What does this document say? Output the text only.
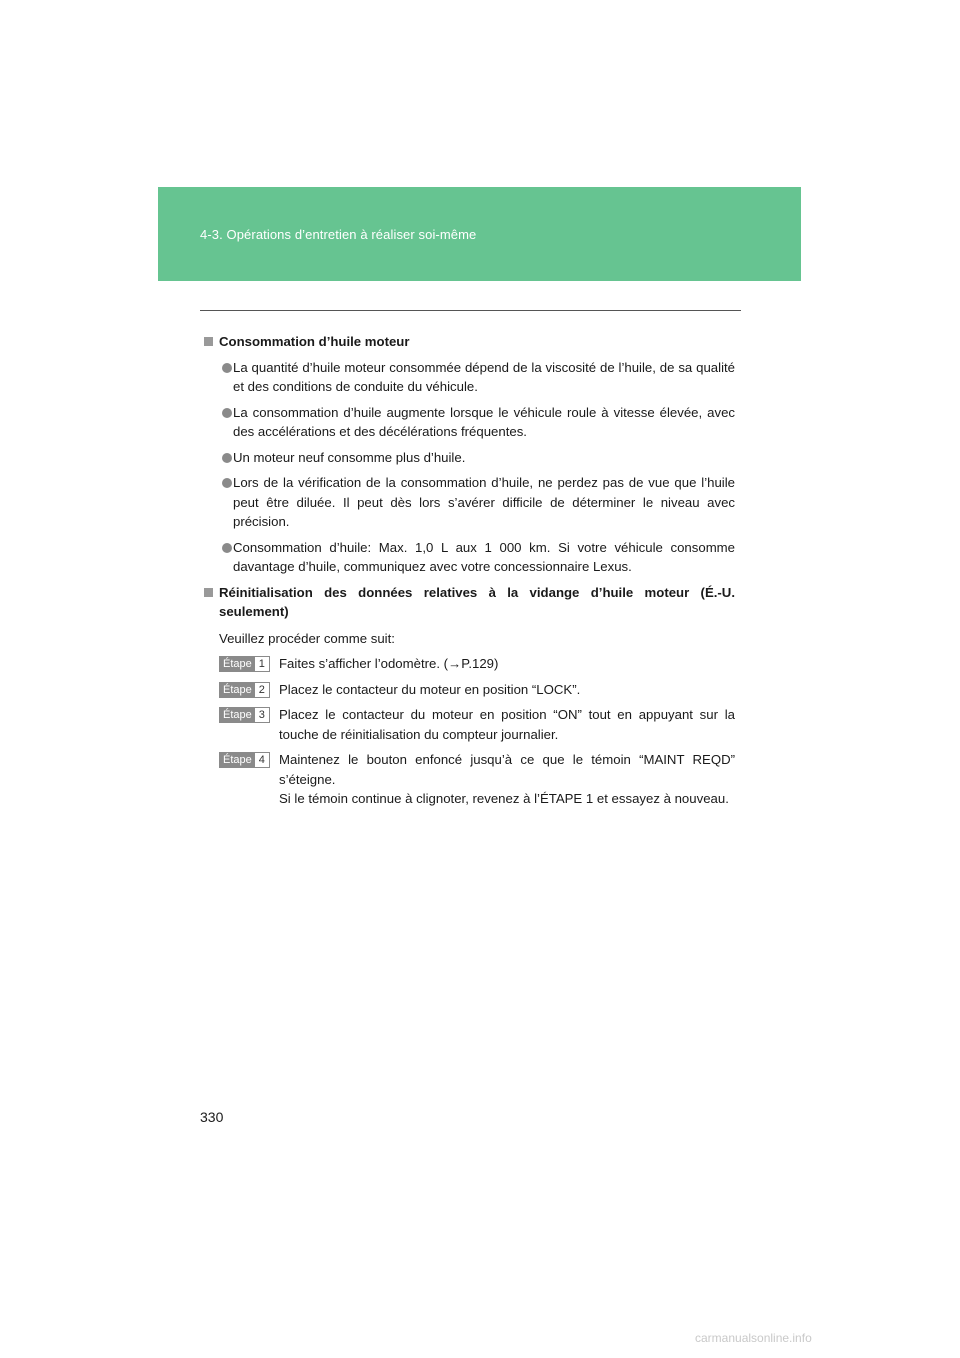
4-3. Opérations d’entretien à réaliser soi-même
Consommation d’huile moteur
La quantité d’huile moteur consommée dépend de la viscosité de l’huile, de sa qualité et des conditions de conduite du véhicule.
La consommation d’huile augmente lorsque le véhicule roule à vitesse élevée, avec des accélérations et des décélérations fréquentes.
Un moteur neuf consomme plus d’huile.
Lors de la vérification de la consommation d’huile, ne perdez pas de vue que l’huile peut être diluée. Il peut dès lors s’avérer difficile de déterminer le niveau avec précision.
Consommation d’huile: Max. 1,0 L aux 1 000 km. Si votre véhicule consomme davantage d’huile, communiquez avec votre concessionnaire Lexus.
Réinitialisation des données relatives à la vidange d’huile moteur (É.-U. seulement)
Veuillez procéder comme suit:
Étape 1	Faites s’afficher l’odomètre. (→P.129)
Étape 2	Placez le contacteur du moteur en position “LOCK”.
Étape 3	Placez le contacteur du moteur en position “ON” tout en appuyant sur la touche de réinitialisation du compteur journalier.
Étape 4	Maintenez le bouton enfoncé jusqu’à ce que le témoin “MAINT REQD” s’éteigne.
Si le témoin continue à clignoter, revenez à l’ÉTAPE 1 et essayez à nouveau.
330
carmanualsonline.info
